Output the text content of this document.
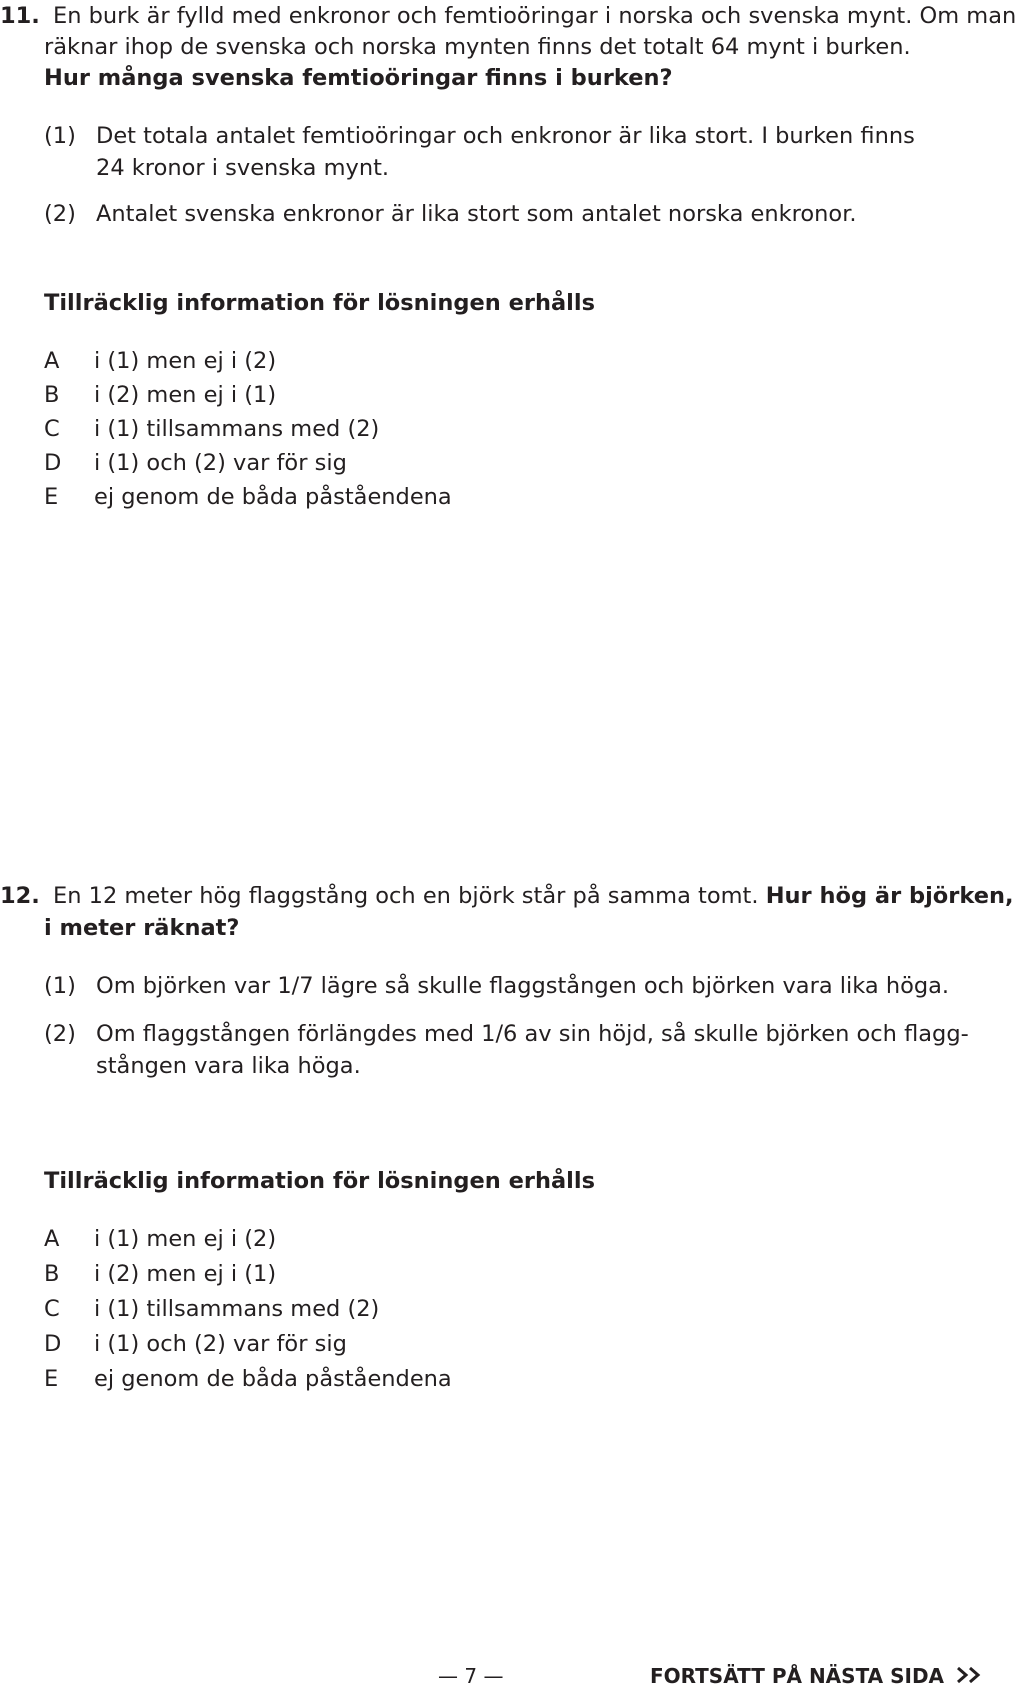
11. En burk är fylld med enkronor och femtioöringar i norska och svenska mynt. Om man
räknar ihop de svenska och norska mynten finns det totalt 64 mynt i burken.
Hur många svenska femtioöringar finns i burken?
(1) Det totala antalet femtioöringar och enkronor är lika stort. I burken finns
24 kronor i svenska mynt.
(2) Antalet svenska enkronor är lika stort som antalet norska enkronor.
Tillräcklig information för lösningen erhålls
A i (1) men ej i (2)
B i (2) men ej i (1)
C i (1) tillsammans med (2)
D i (1) och (2) var för sig
E ej genom de båda påståendena
12. En 12 meter hög flaggstång och en björk står på samma tomt. Hur hög är björken,
i meter räknat?
(1) Om björken var 1/7 lägre så skulle flaggstången och björken vara lika höga.
(2) Om flaggstången förlängdes med 1/6 av sin höjd, så skulle björken och flagg-
stången vara lika höga.
Tillräcklig information för lösningen erhålls
A i (1) men ej i (2)
B i (2) men ej i (1)
C i (1) tillsammans med (2)
D i (1) och (2) var för sig
E ej genom de båda påståendena
— 7 —	FORTSÄTT PÅ NÄSTA SIDA
